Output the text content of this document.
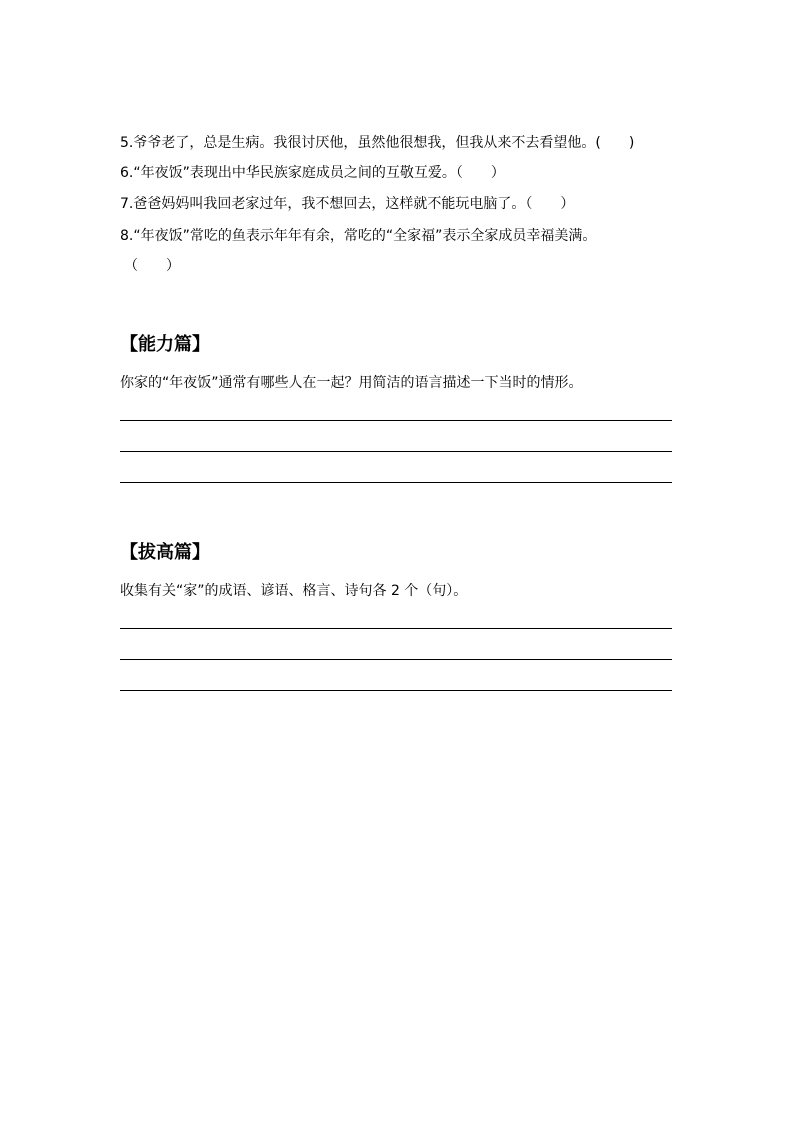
5.爷爷老了，总是生病。我很讨厌他，虽然他很想我，但我从来不去看望他。(　　)
6.“年夜饭”表现出中华民族家庭成员之间的互敬互爱。（　　）
7.爸爸妈妈叫我回老家过年，我不想回去，这样就不能玩电脑了。（　　）
8.“年夜饭”常吃的鱼表示年年有余，常吃的“全家福”表示全家成员幸福美满。
（　　）
【能力篇】
你家的“年夜饭”通常有哪些人在一起？用简洁的语言描述一下当时的情形。
【拔高篇】
收集有关“家”的成语、谚语、格言、诗句各 2 个（句）。
